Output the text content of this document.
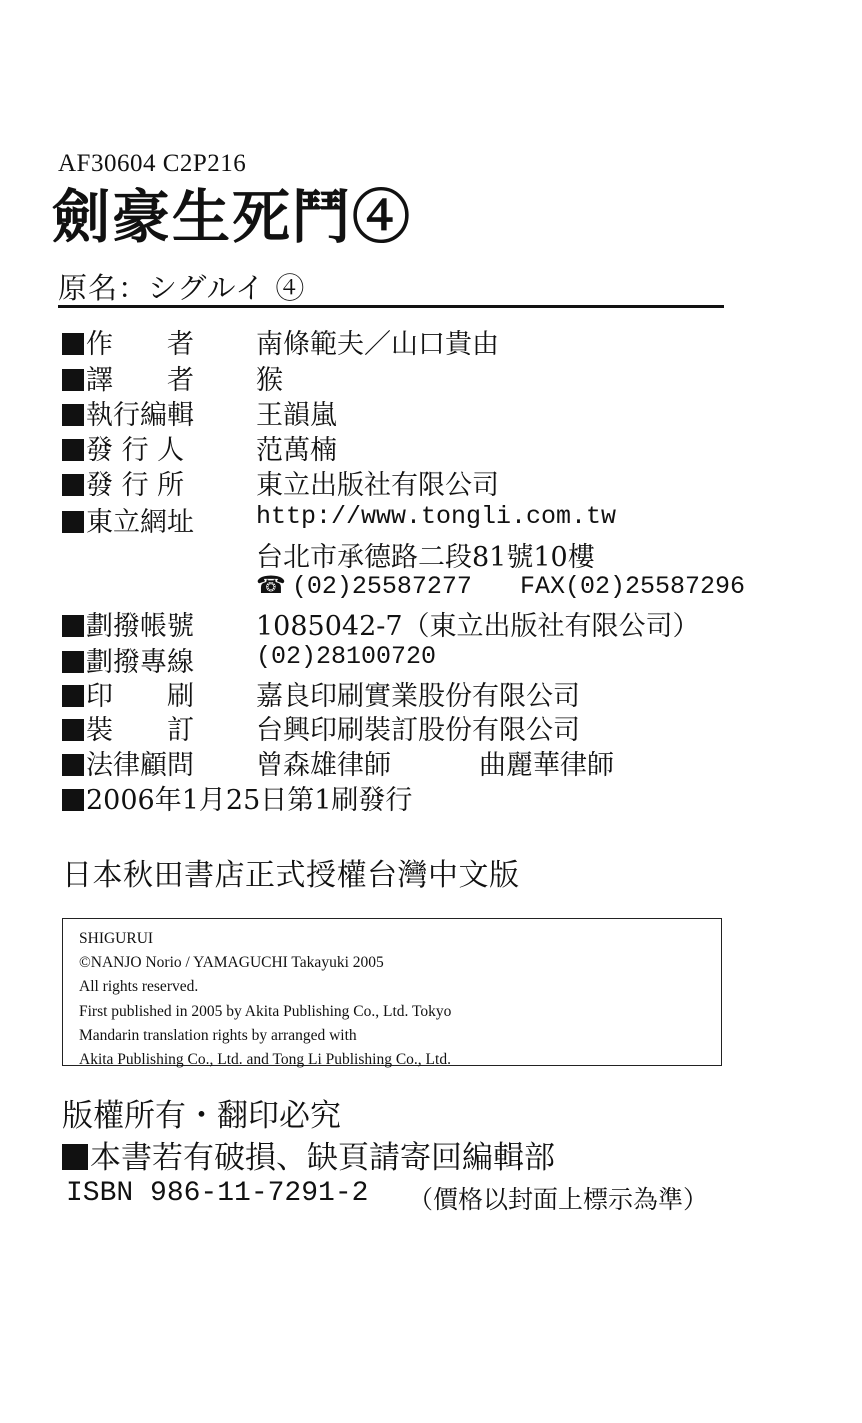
AF30604 C2P216
劍豪生死鬥④
原名：シグルイ ④
作　　者 南條範夫／山口貴由
譯　　者 猴
執行編輯 王韻嵐
發 行 人	范萬楠
發 行 所	東立出版社有限公司
東立網址 http://www.tongli.com.tw
台北市承德路二段81號10樓
☎ (02)25587277 FAX(02)25587296
劃撥帳號 1085042-7（東立出版社有限公司）
劃撥專線 (02)28100720
印　　刷 嘉良印刷實業股份有限公司
裝　　訂 台興印刷裝訂股份有限公司
法律顧問 曾森雄律師	曲麗華律師
2006年1月25日第1刷發行
日本秋田書店正式授權台灣中文版
SHIGURUI
©NANJO Norio / YAMAGUCHI Takayuki 2005
All rights reserved.
First published in 2005 by Akita Publishing Co., Ltd. Tokyo
Mandarin translation rights by arranged with
Akita Publishing Co., Ltd. and Tong Li Publishing Co., Ltd.
版權所有・翻印必究
本書若有破損、缺頁請寄回編輯部
ISBN 986-11-7291-2 （價格以封面上標示為準）
